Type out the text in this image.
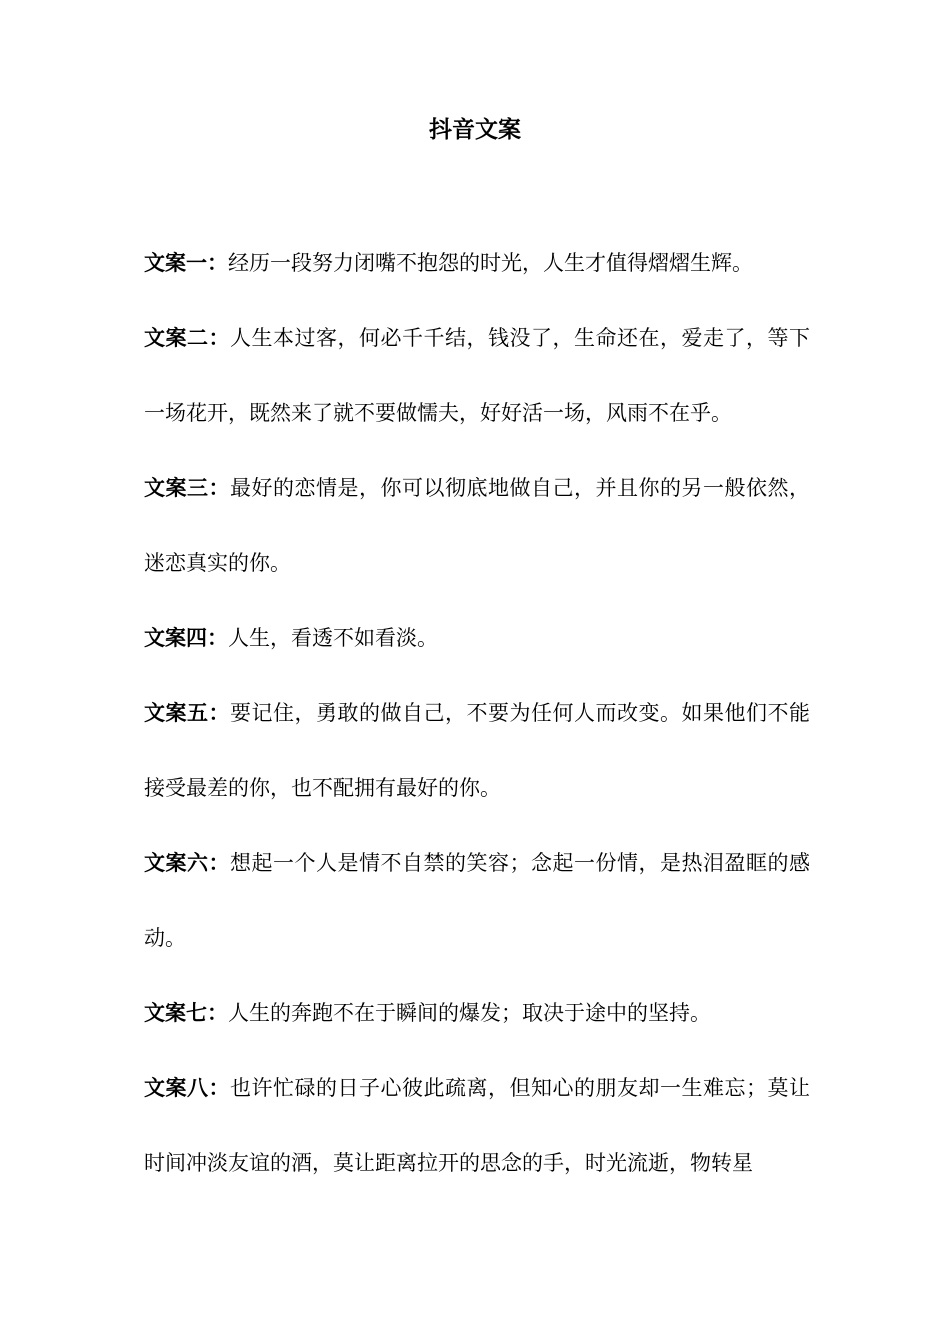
抖音文案

文案一：经历一段努力闭嘴不抱怨的时光，人生才值得熠熠生辉。

文案二：人生本过客，何必千千结，钱没了，生命还在，爱走了，等下一场花开，既然来了就不要做懦夫，好好活一场，风雨不在乎。

文案三：最好的恋情是，你可以彻底地做自己，并且你的另一般依然，迷恋真实的你。

文案四：人生，看透不如看淡。

文案五：要记住，勇敢的做自己，不要为任何人而改变。如果他们不能接受最差的你，也不配拥有最好的你。

文案六：想起一个人是情不自禁的笑容；念起一份情，是热泪盈眶的感动。

文案七：人生的奔跑不在于瞬间的爆发；取决于途中的坚持。

文案八：也许忙碌的日子心彼此疏离，但知心的朋友却一生难忘；莫让时间冲淡友谊的酒，莫让距离拉开的思念的手，时光流逝，物转星
